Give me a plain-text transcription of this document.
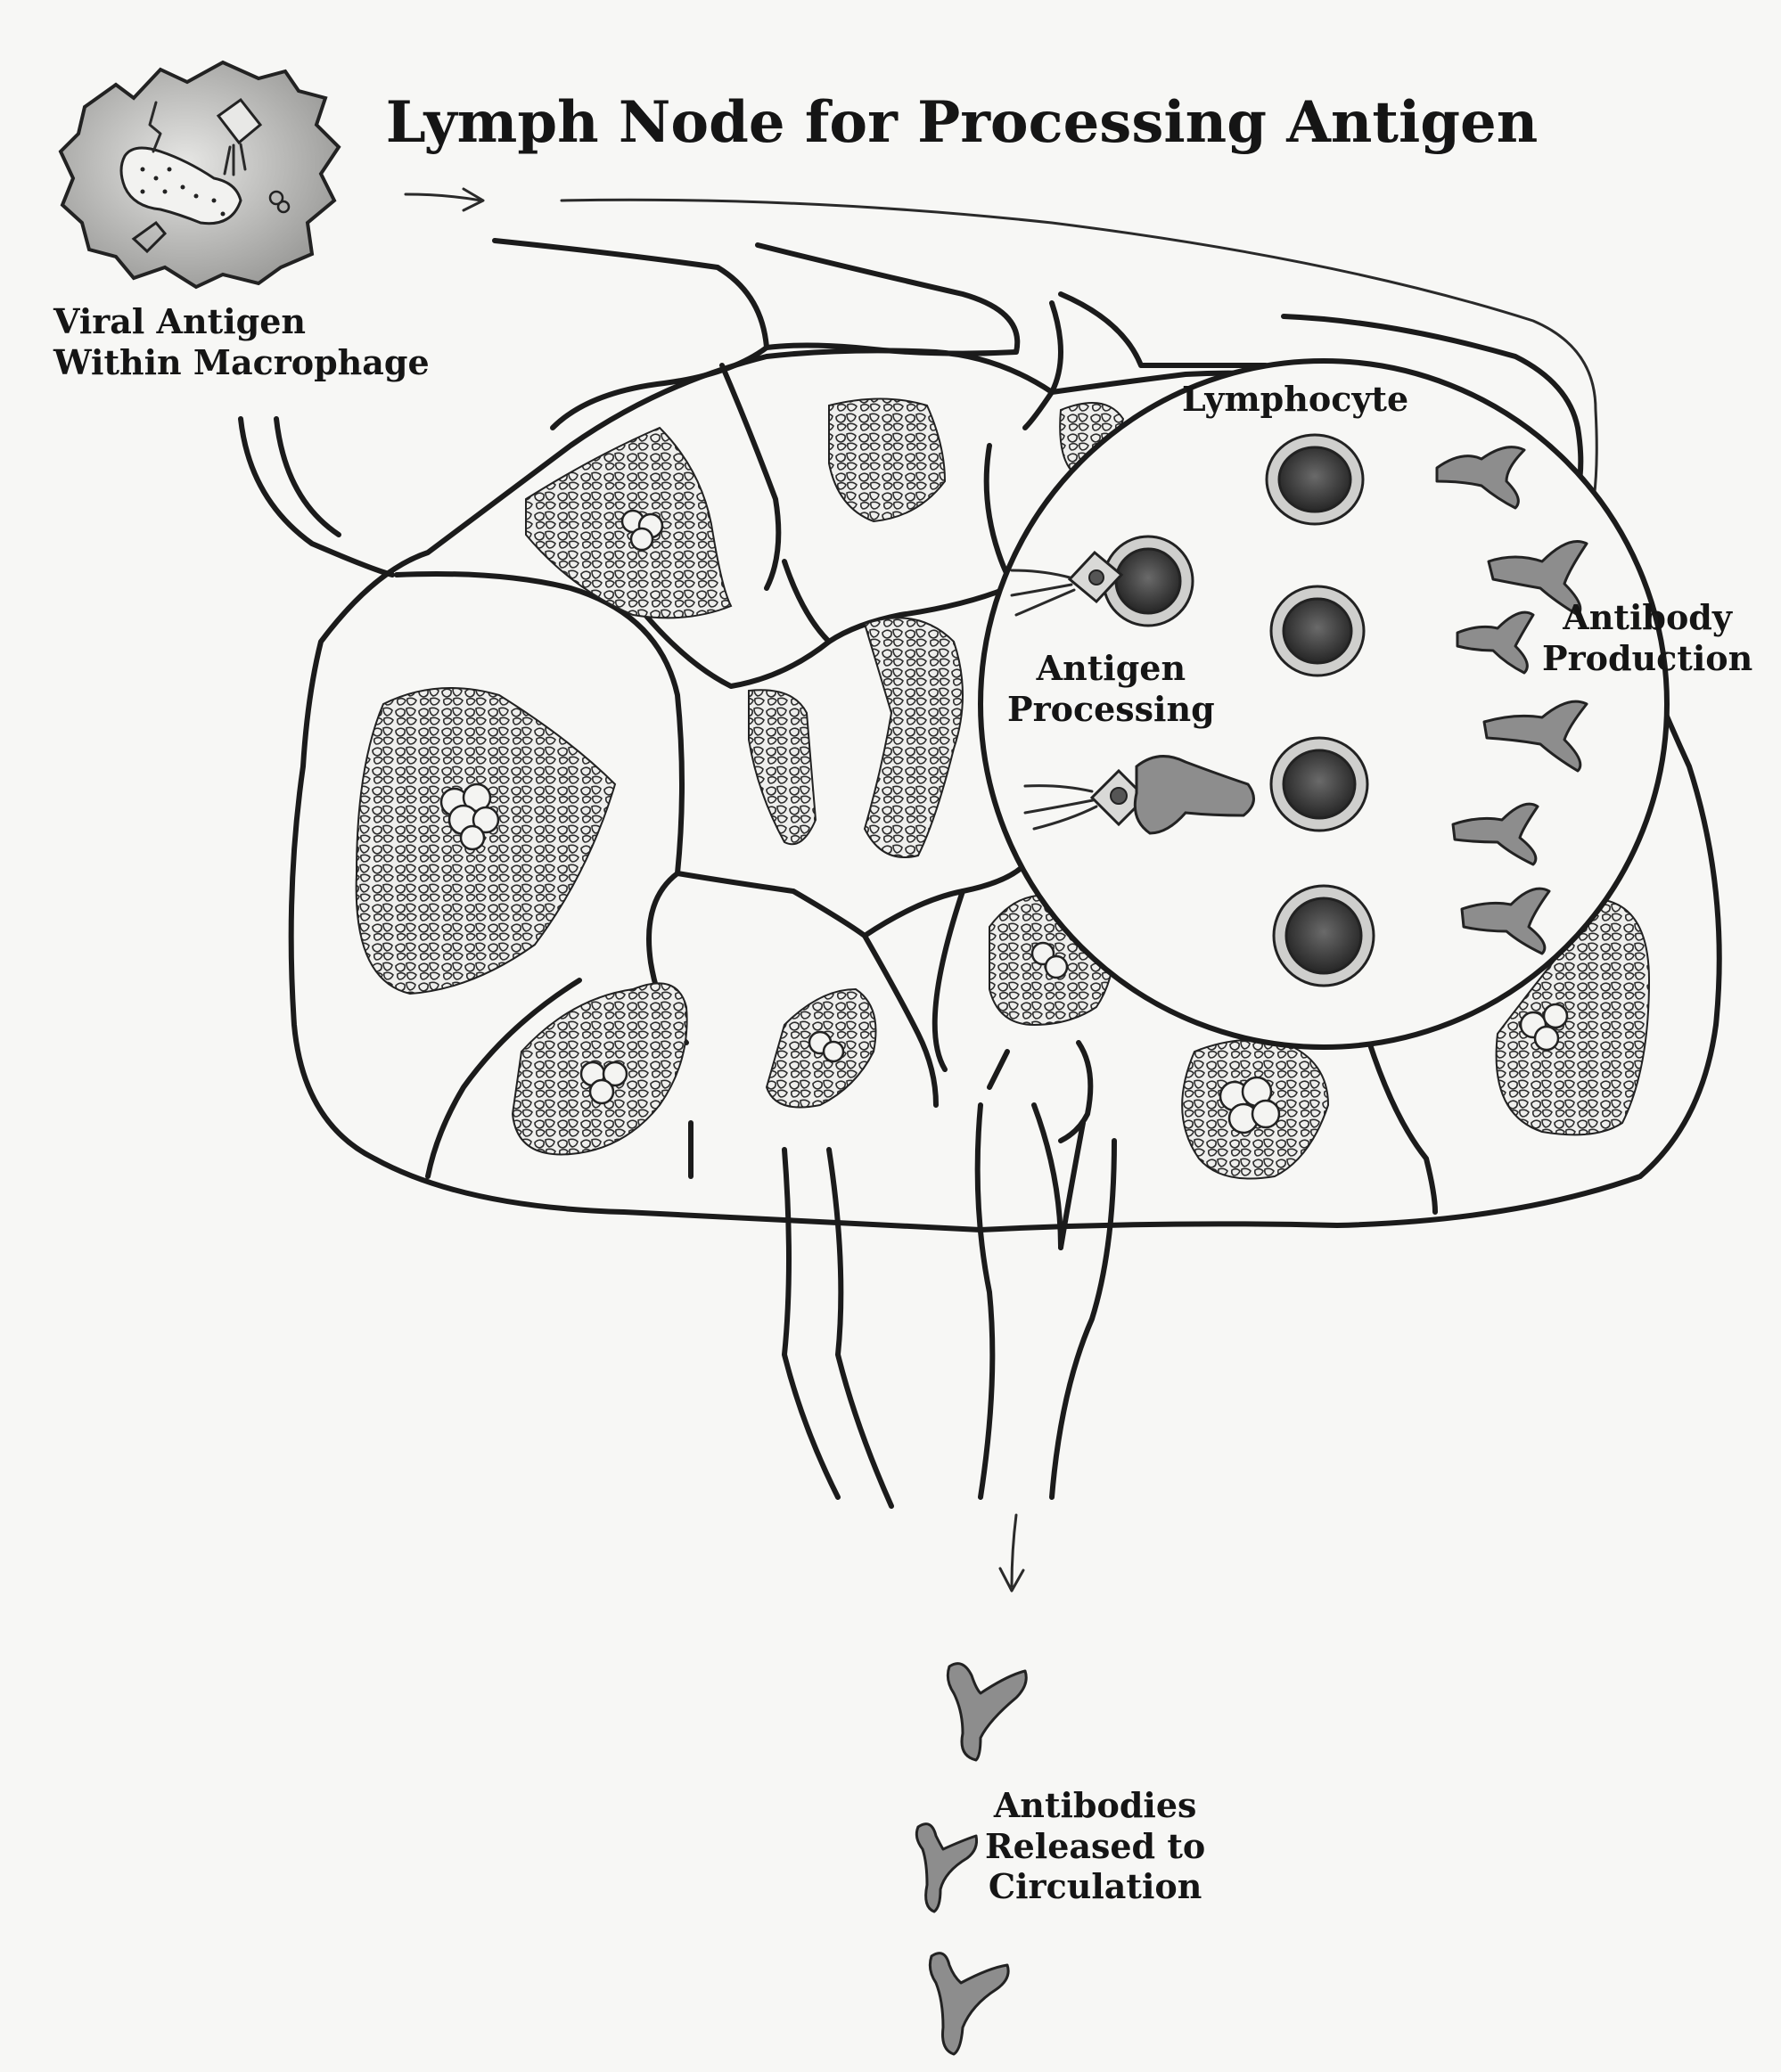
Lymph Node for Processing Antigen
Viral Antigen
Within Macrophage
Lymphocyte
Antigen
Processing
Antibody
Production
Antibodies
Released to
Circulation
